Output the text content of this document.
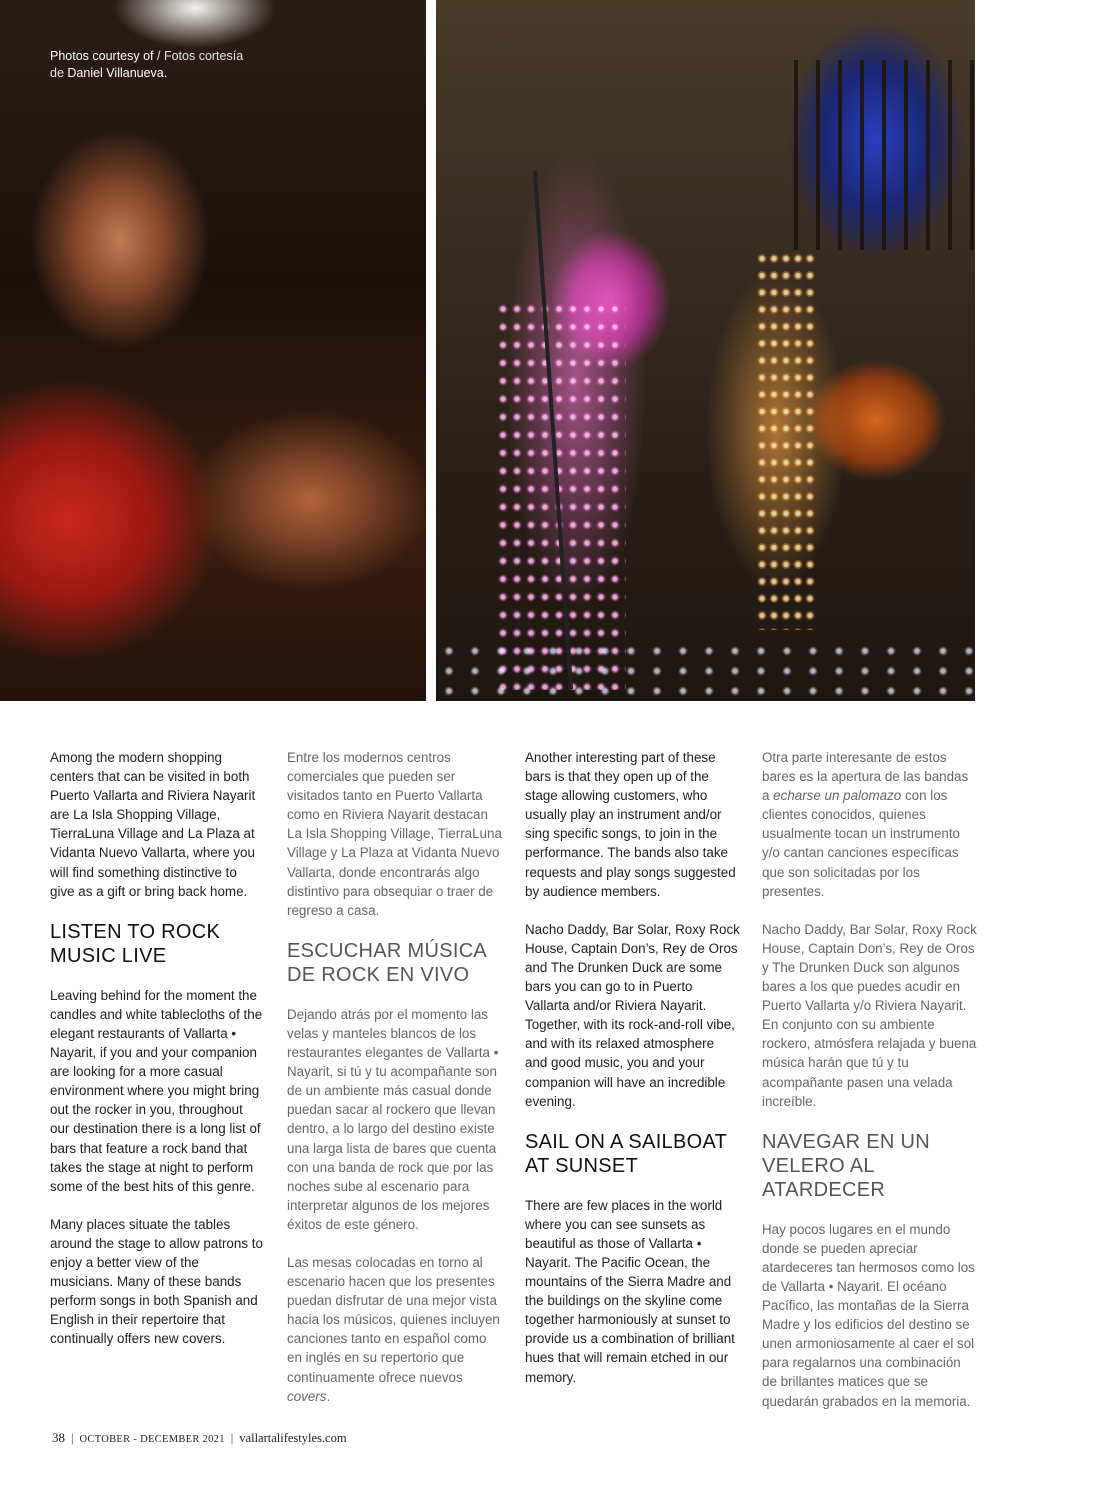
Photos courtesy of / Fotos cortesía de Daniel Villanueva.

Among the modern shopping centers that can be visited in both Puerto Vallarta and Riviera Nayarit are La Isla Shopping Village, TierraLuna Village and La Plaza at Vidanta Nuevo Vallarta, where you will find something distinctive to give as a gift or bring back home.

LISTEN TO ROCK MUSIC LIVE

Leaving behind for the moment the candles and white tablecloths of the elegant restaurants of Vallarta • Nayarit, if you and your companion are looking for a more casual environment where you might bring out the rocker in you, throughout our destination there is a long list of bars that feature a rock band that takes the stage at night to perform some of the best hits of this genre.

Many places situate the tables around the stage to allow patrons to enjoy a better view of the musicians. Many of these bands perform songs in both Spanish and English in their repertoire that continually offers new covers.

Entre los modernos centros comerciales que pueden ser visitados tanto en Puerto Vallarta como en Riviera Nayarit destacan La Isla Shopping Village, TierraLuna Village y La Plaza at Vidanta Nuevo Vallarta, donde encontrarás algo distintivo para obsequiar o traer de regreso a casa.

ESCUCHAR MÚSICA DE ROCK EN VIVO

Dejando atrás por el momento las velas y manteles blancos de los restaurantes elegantes de Vallarta • Nayarit, si tú y tu acompañante son de un ambiente más casual donde puedan sacar al rockero que llevan dentro, a lo largo del destino existe una larga lista de bares que cuenta con una banda de rock que por las noches sube al escenario para interpretar algunos de los mejores éxitos de este género.

Las mesas colocadas en torno al escenario hacen que los presentes puedan disfrutar de una mejor vista hacia los músicos, quienes incluyen canciones tanto en español como en inglés en su repertorio que continuamente ofrece nuevos covers.

Another interesting part of these bars is that they open up of the stage allowing customers, who usually play an instrument and/or sing specific songs, to join in the performance. The bands also take requests and play songs suggested by audience members.

Nacho Daddy, Bar Solar, Roxy Rock House, Captain Don’s, Rey de Oros and The Drunken Duck are some bars you can go to in Puerto Vallarta and/or Riviera Nayarit. Together, with its rock-and-roll vibe, and with its relaxed atmosphere and good music, you and your companion will have an incredible evening.

SAIL ON A SAILBOAT AT SUNSET

There are few places in the world where you can see sunsets as beautiful as those of Vallarta • Nayarit. The Pacific Ocean, the mountains of the Sierra Madre and the buildings on the skyline come together harmoniously at sunset to provide us a combination of brilliant hues that will remain etched in our memory.

Otra parte interesante de estos bares es la apertura de las bandas a echarse un palomazo con los clientes conocidos, quienes usualmente tocan un instrumento y/o cantan canciones específicas que son solicitadas por los presentes.

Nacho Daddy, Bar Solar, Roxy Rock House, Captain Don’s, Rey de Oros y The Drunken Duck son algunos bares a los que puedes acudir en Puerto Vallarta y/o Riviera Nayarit. En conjunto con su ambiente rockero, atmósfera relajada y buena música harán que tú y tu acompañante pasen una velada increíble.

NAVEGAR EN UN VELERO AL ATARDECER

Hay pocos lugares en el mundo donde se pueden apreciar atardeceres tan hermosos como los de Vallarta • Nayarit. El océano Pacífico, las montañas de la Sierra Madre y los edificios del destino se unen armoniosamente al caer el sol para regalarnos una combinación de brillantes matices que se quedarán grabados en la memoria.

38 | OCTOBER - DECEMBER 2021 | vallartalifestyles.com
